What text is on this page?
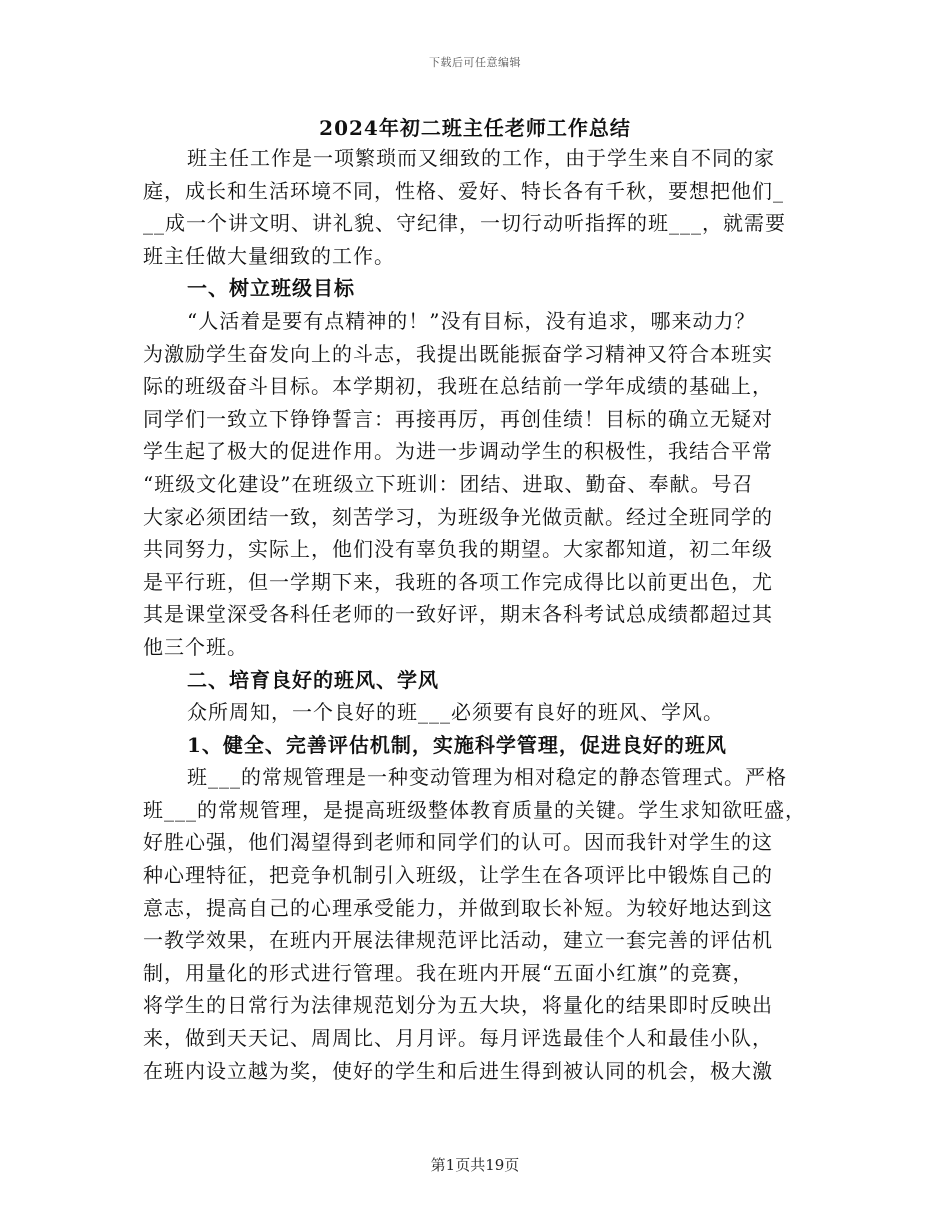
下载后可任意编辑
2024年初二班主任老师工作总结
班主任工作是一项繁琐而又细致的工作，由于学生来自不同的家
庭，成长和生活环境不同，性格、爱好、特长各有千秋，要想把他们_
__成一个讲文明、讲礼貌、守纪律，一切行动听指挥的班___，就需要
班主任做大量细致的工作。
一、树立班级目标
“人活着是要有点精神的！”没有目标，没有追求，哪来动力？
为激励学生奋发向上的斗志，我提出既能振奋学习精神又符合本班实
际的班级奋斗目标。本学期初，我班在总结前一学年成绩的基础上，
同学们一致立下铮铮誓言：再接再厉，再创佳绩！目标的确立无疑对
学生起了极大的促进作用。为进一步调动学生的积极性，我结合平常
“班级文化建设”在班级立下班训：团结、进取、勤奋、奉献。号召
大家必须团结一致，刻苦学习，为班级争光做贡献。经过全班同学的
共同努力，实际上，他们没有辜负我的期望。大家都知道，初二年级
是平行班，但一学期下来，我班的各项工作完成得比以前更出色，尤
其是课堂深受各科任老师的一致好评，期末各科考试总成绩都超过其
他三个班。
二、培育良好的班风、学风
众所周知，一个良好的班___必须要有良好的班风、学风。
1、健全、完善评估机制，实施科学管理，促进良好的班风
班___的常规管理是一种变动管理为相对稳定的静态管理式。严格
班___的常规管理，是提高班级整体教育质量的关键。学生求知欲旺盛，
好胜心强，他们渴望得到老师和同学们的认可。因而我针对学生的这
种心理特征，把竞争机制引入班级，让学生在各项评比中锻炼自己的
意志，提高自己的心理承受能力，并做到取长补短。为较好地达到这
一教学效果，在班内开展法律规范评比活动，建立一套完善的评估机
制，用量化的形式进行管理。我在班内开展“五面小红旗”的竞赛，
将学生的日常行为法律规范划分为五大块，将量化的结果即时反映出
来，做到天天记、周周比、月月评。每月评选最佳个人和最佳小队，
在班内设立越为奖，使好的学生和后进生得到被认同的机会，极大激
第1页共19页
